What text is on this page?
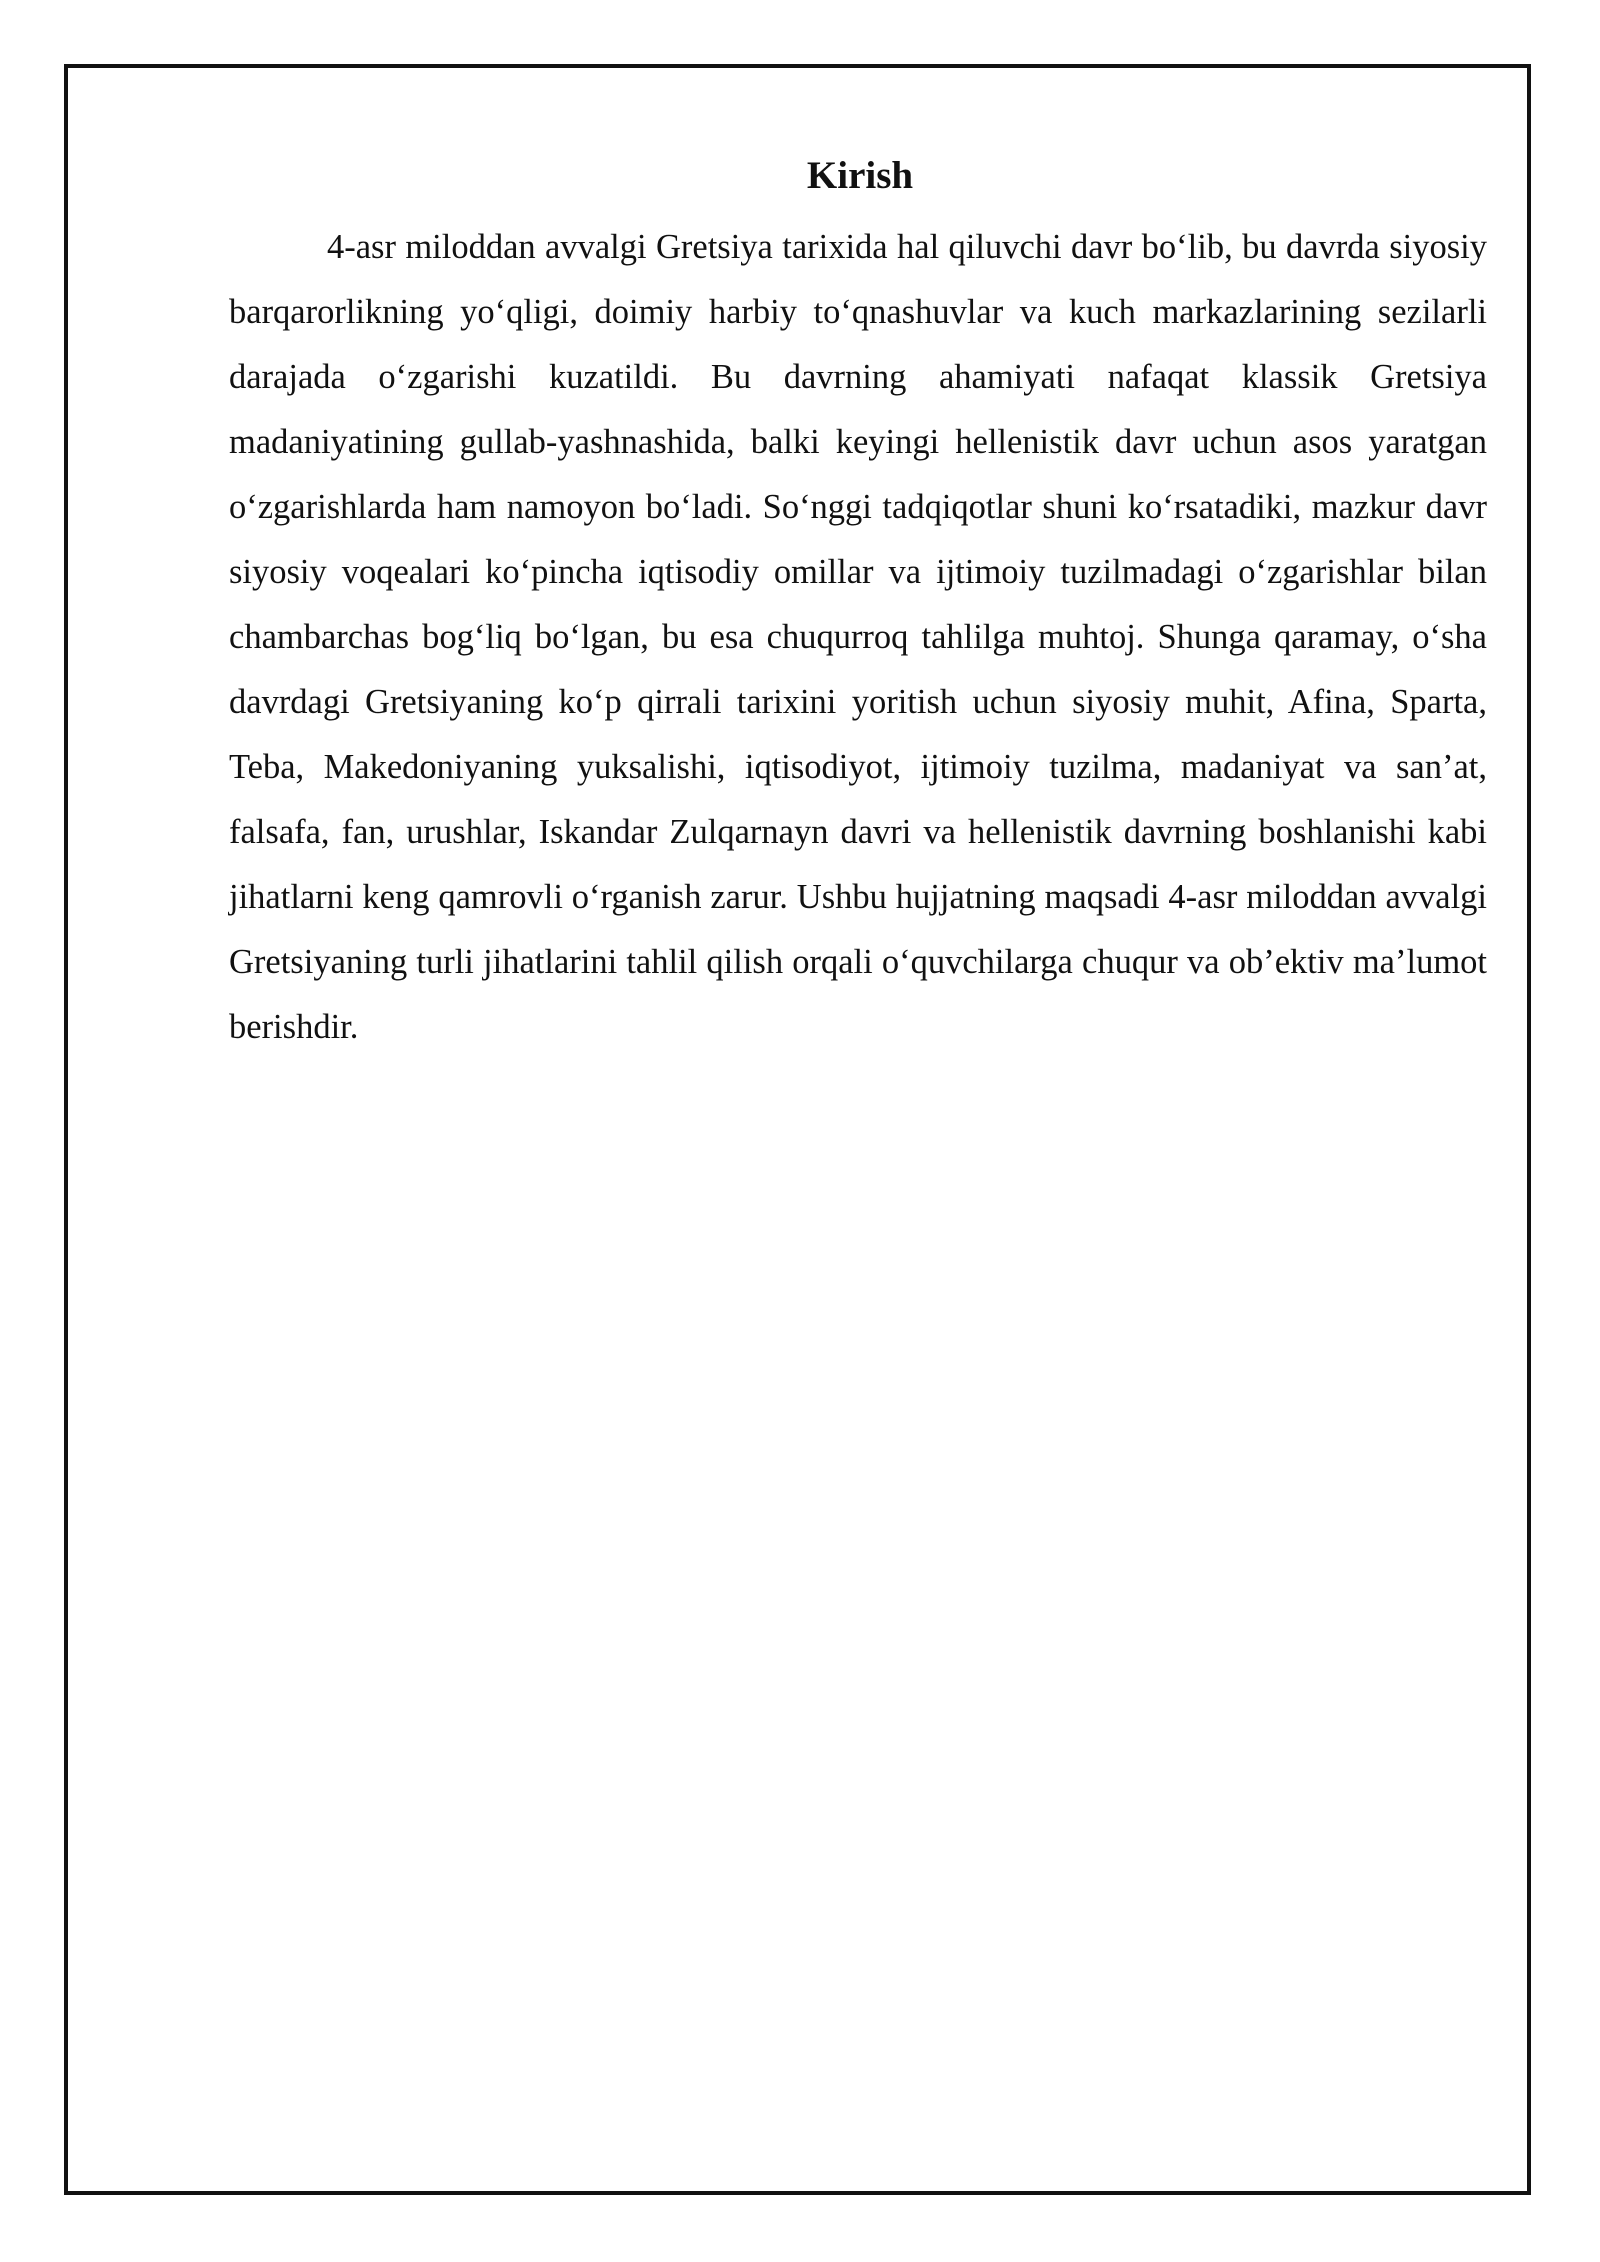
Kirish

4-asr miloddan avvalgi Gretsiya tarixida hal qiluvchi davr bo‘lib, bu davrda siyosiy barqarorlikning yo‘qligi, doimiy harbiy to‘qnashuvlar va kuch markazlarining sezilarli darajada o‘zgarishi kuzatildi. Bu davrning ahamiyati nafaqat klassik Gretsiya madaniyatining gullab-yashnashida, balki keyingi hellenistik davr uchun asos yaratgan o‘zgarishlarda ham namoyon bo‘ladi. So‘nggi tadqiqotlar shuni ko‘rsatadiki, mazkur davr siyosiy voqealari ko‘pincha iqtisodiy omillar va ijtimoiy tuzilmadagi o‘zgarishlar bilan chambarchas bog‘liq bo‘lgan, bu esa chuqurroq tahlilga muhtoj. Shunga qaramay, o‘sha davrdagi Gretsiyaning ko‘p qirrali tarixini yoritish uchun siyosiy muhit, Afina, Sparta, Teba, Makedoniyaning yuksalishi, iqtisodiyot, ijtimoiy tuzilma, madaniyat va san’at, falsafa, fan, urushlar, Iskandar Zulqarnayn davri va hellenistik davrning boshlanishi kabi jihatlarni keng qamrovli o‘rganish zarur. Ushbu hujjatning maqsadi 4-asr miloddan avvalgi Gretsiyaning turli jihatlarini tahlil qilish orqali o‘quvchilarga chuqur va ob’ektiv ma’lumot berishdir.
